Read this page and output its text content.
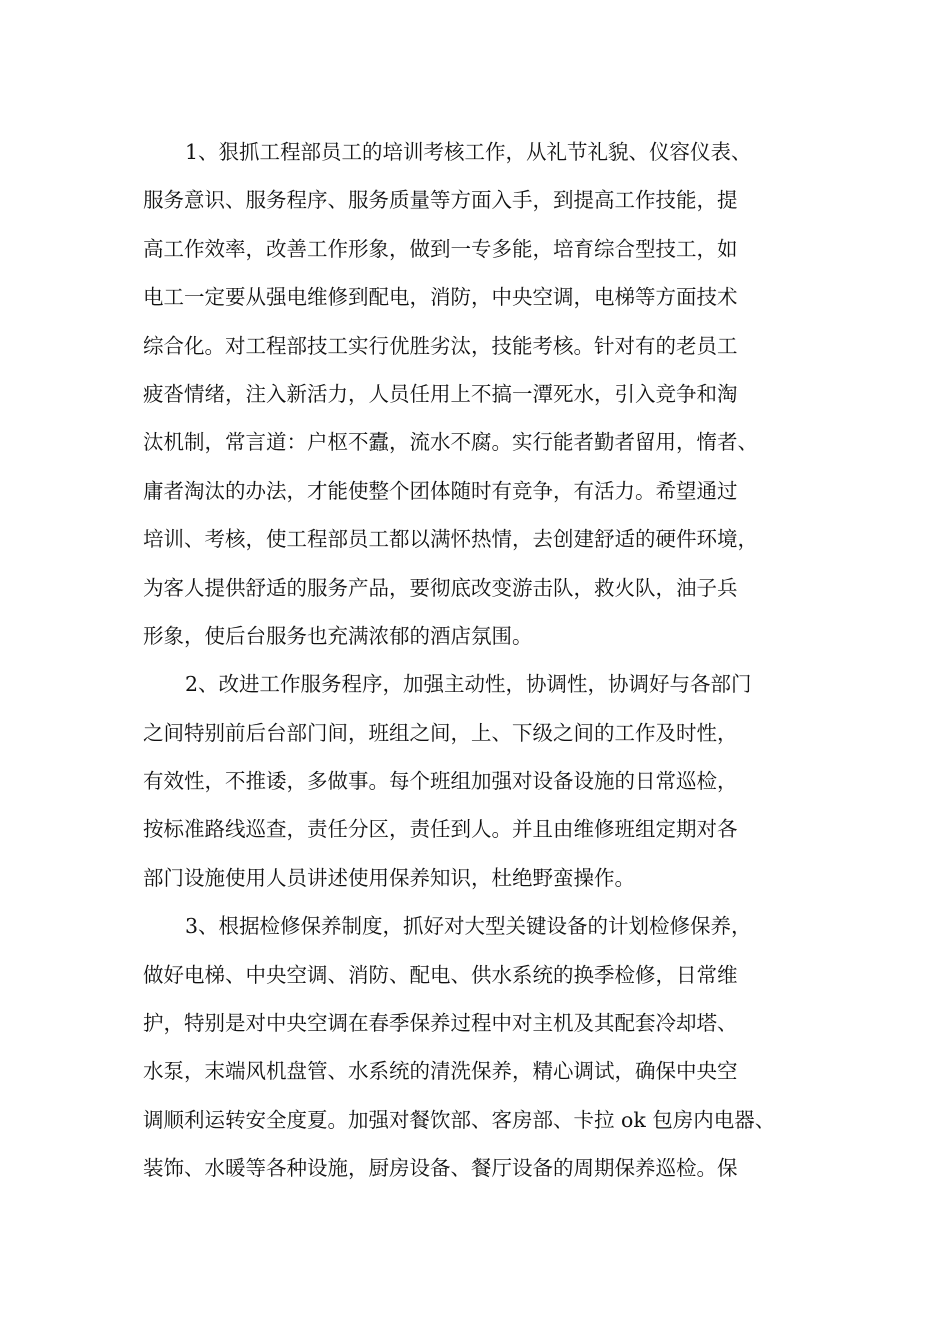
1、狠抓工程部员工的培训考核工作，从礼节礼貌、仪容仪表、
服务意识、服务程序、服务质量等方面入手，到提高工作技能，提
高工作效率，改善工作形象，做到一专多能，培育综合型技工，如
电工一定要从强电维修到配电，消防，中央空调，电梯等方面技术
综合化。对工程部技工实行优胜劣汰，技能考核。针对有的老员工
疲沓情绪，注入新活力，人员任用上不搞一潭死水，引入竞争和淘
汰机制，常言道：户枢不蠹，流水不腐。实行能者勤者留用，惰者、
庸者淘汰的办法，才能使整个团体随时有竞争，有活力。希望通过
培训、考核，使工程部员工都以满怀热情，去创建舒适的硬件环境，
为客人提供舒适的服务产品，要彻底改变游击队，救火队，油子兵
形象，使后台服务也充满浓郁的酒店氛围。
2、改进工作服务程序，加强主动性，协调性，协调好与各部门
之间特别前后台部门间，班组之间，上、下级之间的工作及时性，
有效性，不推诿，多做事。每个班组加强对设备设施的日常巡检，
按标准路线巡查，责任分区，责任到人。并且由维修班组定期对各
部门设施使用人员讲述使用保养知识，杜绝野蛮操作。
3、根据检修保养制度，抓好对大型关键设备的计划检修保养，
做好电梯、中央空调、消防、配电、供水系统的换季检修，日常维
护，特别是对中央空调在春季保养过程中对主机及其配套冷却塔、
水泵，末端风机盘管、水系统的清洗保养，精心调试，确保中央空
调顺利运转安全度夏。加强对餐饮部、客房部、卡拉 ok 包房内电器、
装饰、水暖等各种设施，厨房设备、餐厅设备的周期保养巡检。保
